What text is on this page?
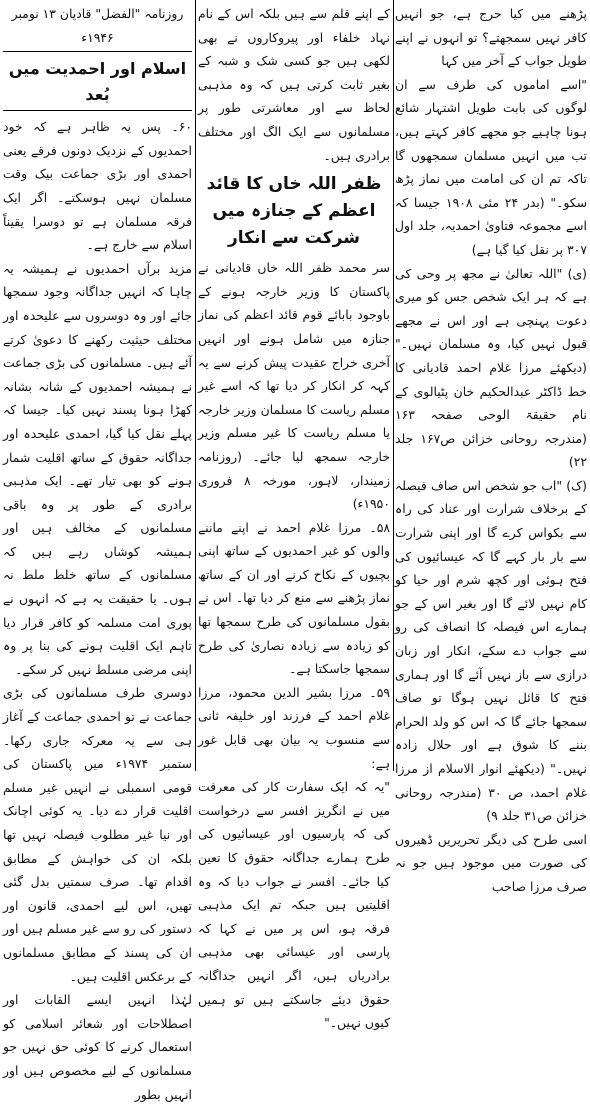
پڑھنے میں کیا حرج ہے، جو انہیں کافر نہیں سمجھتے؟ تو انہوں نے اپنے طویل جواب کے آخر میں کہا

"اسے اماموں کی طرف سے ان لوگوں کی بابت طویل اشتہار شائع ہونا چاہیے جو مجھے کافر کہتے ہیں، تب میں انہیں مسلمان سمجھوں گا تاکہ تم ان کی امامت میں نماز پڑھ سکو۔" (بدر ۲۴ مئی ۱۹۰۸ جیسا کہ اسے مجموعہ فتاویٰ احمدیہ، جلد اول ۳۰۷ پر نقل کیا گیا ہے)

(ی) "اللہ تعالیٰ نے مجھ پر وحی کی ہے کہ ہر ایک شخص جس کو میری دعوت پہنچی ہے اور اس نے مجھے قبول نہیں کیا، وہ مسلمان نہیں۔" (دیکھئے مرزا غلام احمد قادیانی کا خط ڈاکٹر عبدالحکیم خان پٹیالوی کے نام حقیقۃ الوحی صفحہ ۱۶۳ (مندرجہ روحانی خزائن ص۱۶۷ جلد ۲۲)

(ک) "اب جو شخص اس صاف فیصلہ کے برخلاف شرارت اور عناد کی راہ سے بکواس کرے گا اور اپنی شرارت سے بار بار کہے گا کہ عیسائیوں کی فتح ہوئی اور کچھ شرم اور حیا کو کام نہیں لائے گا اور بغیر اس کے جو ہمارے اس فیصلہ کا انصاف کی رو سے جواب دے سکے، انکار اور زبان درازی سے باز نہیں آئے گا اور ہماری فتح کا قائل نہیں ہوگا تو صاف سمجھا جائے گا کہ اس کو ولد الحرام بننے کا شوق ہے اور حلال زادہ نہیں۔" (دیکھئے انوار الاسلام از مرزا غلام احمد، ص ۳۰ (مندرجہ روحانی خزائن ص۳۱ جلد ۹)

اسی طرح کی دیگر تحریریں ڈھیروں کی صورت میں موجود ہیں جو نہ صرف مرزا صاحب

کے اپنے قلم سے ہیں بلکہ اس کے نام نہاد خلفاء اور پیروکاروں نے بھی لکھی ہیں جو کسی شک و شبہ کے بغیر ثابت کرتی ہیں کہ وہ مذہبی لحاظ سے اور معاشرتی طور پر مسلمانوں سے ایک الگ اور مختلف برادری ہیں۔

ظفر اللہ خاں کا قائد اعظم کے جنازہ میں شرکت سے انکار

سر محمد ظفر اللہ خاں قادیانی نے پاکستان کا وزیر خارجہ ہونے کے باوجود بابائے قوم قائد اعظم کی نماز جنازہ میں شامل ہونے اور انہیں آخری خراج عقیدت پیش کرنے سے یہ کہہ کر انکار کر دیا تھا کہ اسے غیر مسلم ریاست کا مسلمان وزیر خارجہ یا مسلم ریاست کا غیر مسلم وزیر خارجہ سمجھ لیا جائے۔ (روزنامہ زمیندار، لاہور، مورخہ ۸ فروری ۱۹۵۰ء)

۵۸۔ مرزا غلام احمد نے اپنے ماننے والوں کو غیر احمدیوں کے ساتھ اپنی بچیوں کے نکاح کرنے اور ان کے ساتھ نماز پڑھنے سے منع کر دیا تھا۔ اس نے بقول مسلمانوں کی طرح سمجھا تھا کو زیادہ سے زیادہ نصاریٰ کی طرح سمجھا جاسکتا ہے۔

۵۹۔ مرزا بشیر الدین محمود، مرزا غلام احمد کے فرزند اور خلیفہ ثانی سے منسوب یہ بیان بھی قابل غور ہے:

"یہ کہ ایک سفارت کار کی معرفت میں نے انگریز افسر سے درخواست کی کہ پارسیوں اور عیسائیوں کی طرح ہمارے جداگانہ حقوق کا تعین کیا جائے۔ افسر نے جواب دیا کہ وہ اقلیتیں ہیں جبکہ تم ایک مذہبی فرقہ ہو، اس پر میں نے کہا کہ پارسی اور عیسائی بھی مذہبی برادریاں ہیں، اگر انہیں جداگانہ حقوق دیئے جاسکتے ہیں تو ہمیں کیوں نہیں۔"

روزنامہ "الفضل" قادیان ۱۳ نومبر ۱۹۴۶ء

اسلام اور احمدیت میں بُعد

۶۰۔ پس یہ ظاہر ہے کہ خود احمدیوں کے نزدیک دونوں فرقے یعنی احمدی اور بڑی جماعت بیک وقت مسلمان نہیں ہوسکتے۔ اگر ایک فرقہ مسلمان ہے تو دوسرا یقیناً اسلام سے خارج ہے۔

مزید برآں احمدیوں نے ہمیشہ یہ چاہا کہ انہیں جداگانہ وجود سمجھا جائے اور وہ دوسروں سے علیحدہ اور مختلف حیثیت رکھنے کا دعویٰ کرتے آئے ہیں۔ مسلمانوں کی بڑی جماعت نے ہمیشہ احمدیوں کے شانہ بشانہ کھڑا ہونا پسند نہیں کیا۔ جیسا کہ پہلے نقل کیا گیا، احمدی علیحدہ اور جداگانہ حقوق کے ساتھ اقلیت شمار ہونے کو بھی تیار تھے۔ ایک مذہبی برادری کے طور پر وہ باقی مسلمانوں کے مخالف ہیں اور ہمیشہ کوشاں رہے ہیں کہ مسلمانوں کے ساتھ خلط ملط نہ ہوں۔ یا حقیقت یہ ہے کہ انہوں نے پوری امت مسلمہ کو کافر قرار دیا تاہم ایک اقلیت ہونے کی بنا پر وہ اپنی مرضی مسلط نہیں کر سکے۔

دوسری طرف مسلمانوں کی بڑی جماعت نے تو احمدی جماعت کے آغاز ہی سے یہ معرکہ جاری رکھا۔ ستمبر ۱۹۷۴ء میں پاکستان کی قومی اسمبلی نے انہیں غیر مسلم اقلیت قرار دے دیا۔ یہ کوئی اچانک اور نیا غیر مطلوب فیصلہ نہیں تھا بلکہ ان کی خواہش کے مطابق اقدام تھا۔ صرف سمتیں بدل گئی تھیں، اس لیے احمدی، قانون اور دستور کی رو سے غیر مسلم ہیں اور ان کی پسند کے مطابق مسلمانوں کے برعکس اقلیت ہیں۔

لہٰذا انہیں ایسے القابات اور اصطلاحات اور شعائر اسلامی کو استعمال کرنے کا کوئی حق نہیں جو مسلمانوں کے لیے مخصوص ہیں اور انہیں بطور
